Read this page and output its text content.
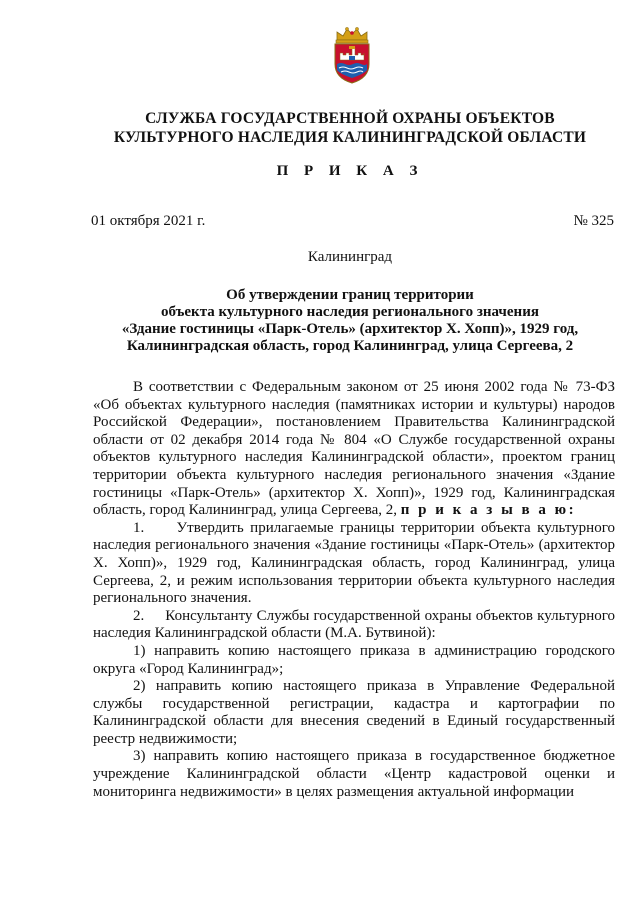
СЛУЖБА ГОСУДАРСТВЕННОЙ ОХРАНЫ ОБЪЕКТОВ
КУЛЬТУРНОГО НАСЛЕДИЯ КАЛИНИНГРАДСКОЙ ОБЛАСТИ
П Р И К А З
01 октября 2021 г.	№ 325
Калининград
Об утверждении границ территории
объекта культурного наследия регионального значения
«Здание гостиницы «Парк-Отель» (архитектор Х. Хопп)», 1929 год,
Калининградская область, город Калининград, улица Сергеева, 2

В соответствии с Федеральным законом от 25 июня 2002 года № 73-ФЗ «Об объектах культурного наследия (памятниках истории и культуры) народов Российской Федерации», постановлением Правительства Калининградской области от 02 декабря 2014 года № 804 «О Службе государственной охраны объектов культурного наследия Калининградской области», проектом границ территории объекта культурного наследия регионального значения «Здание гостиницы «Парк-Отель» (архитектор Х. Хопп)», 1929 год, Калининградская область, город Калининград, улица Сергеева, 2, п р и к а з ы в а ю:

1.     Утвердить прилагаемые границы территории объекта культурного наследия регионального значения «Здание гостиницы «Парк-Отель» (архитектор Х. Хопп)», 1929 год, Калининградская область, город Калининград, улица Сергеева, 2, и режим использования территории объекта культурного наследия регионального значения.

2.     Консультанту Службы государственной охраны объектов культурного наследия Калининградской области (М.А. Бутвиной):

1) направить копию настоящего приказа в администрацию городского округа «Город Калининград»;

2) направить копию настоящего приказа в Управление Федеральной службы государственной регистрации, кадастра и картографии по Калининградской области для внесения сведений в Единый государственный реестр недвижимости;

3) направить копию настоящего приказа в государственное бюджетное учреждение Калининградской области «Центр кадастровой оценки и мониторинга недвижимости» в целях размещения актуальной информации
